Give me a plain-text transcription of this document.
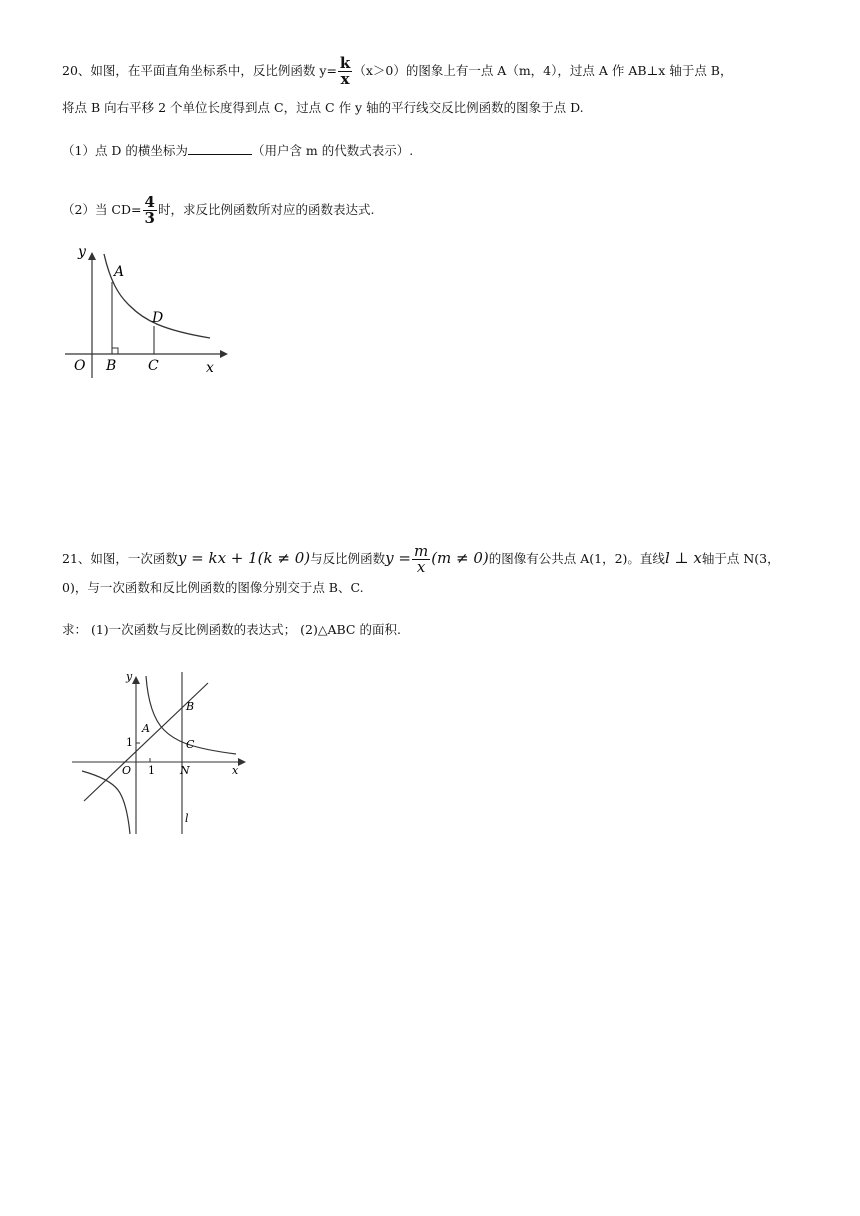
20、如图，在平面直角坐标系中，反比例函数 $y= \frac{k}{x} (x>0)$的图象上有一点 A（m，4），过点 A 作 AB⊥x 轴于点 B，
将点 B 向右平移 2 个单位长度得到点 C，过点 C 作 y 轴的平行线交反比例函数的图象于点 D.
（1）点 D 的横坐标为	（用户含 m 的代数式表示）.
（2）当 $CD= \frac{4}{3}$ 时，求反比例函数所对应的函数表达式.
y
x
O
A
B C
D
21、如图，一次函数y = kx + 1(k ≠ 0)与反比例函数$y = \frac{m}{x} (m \ne 0)$的图像有公共点 A(1，2)。直线l ⊥ x轴于点 N(3，
0)，与一次函数和反比例函数的图像分别交于点 B、C.
求： (1)一次函数与反比例函数的表达式； (2)△ABC 的面积.
y
x
O 1
1
N
A
B
C
l
